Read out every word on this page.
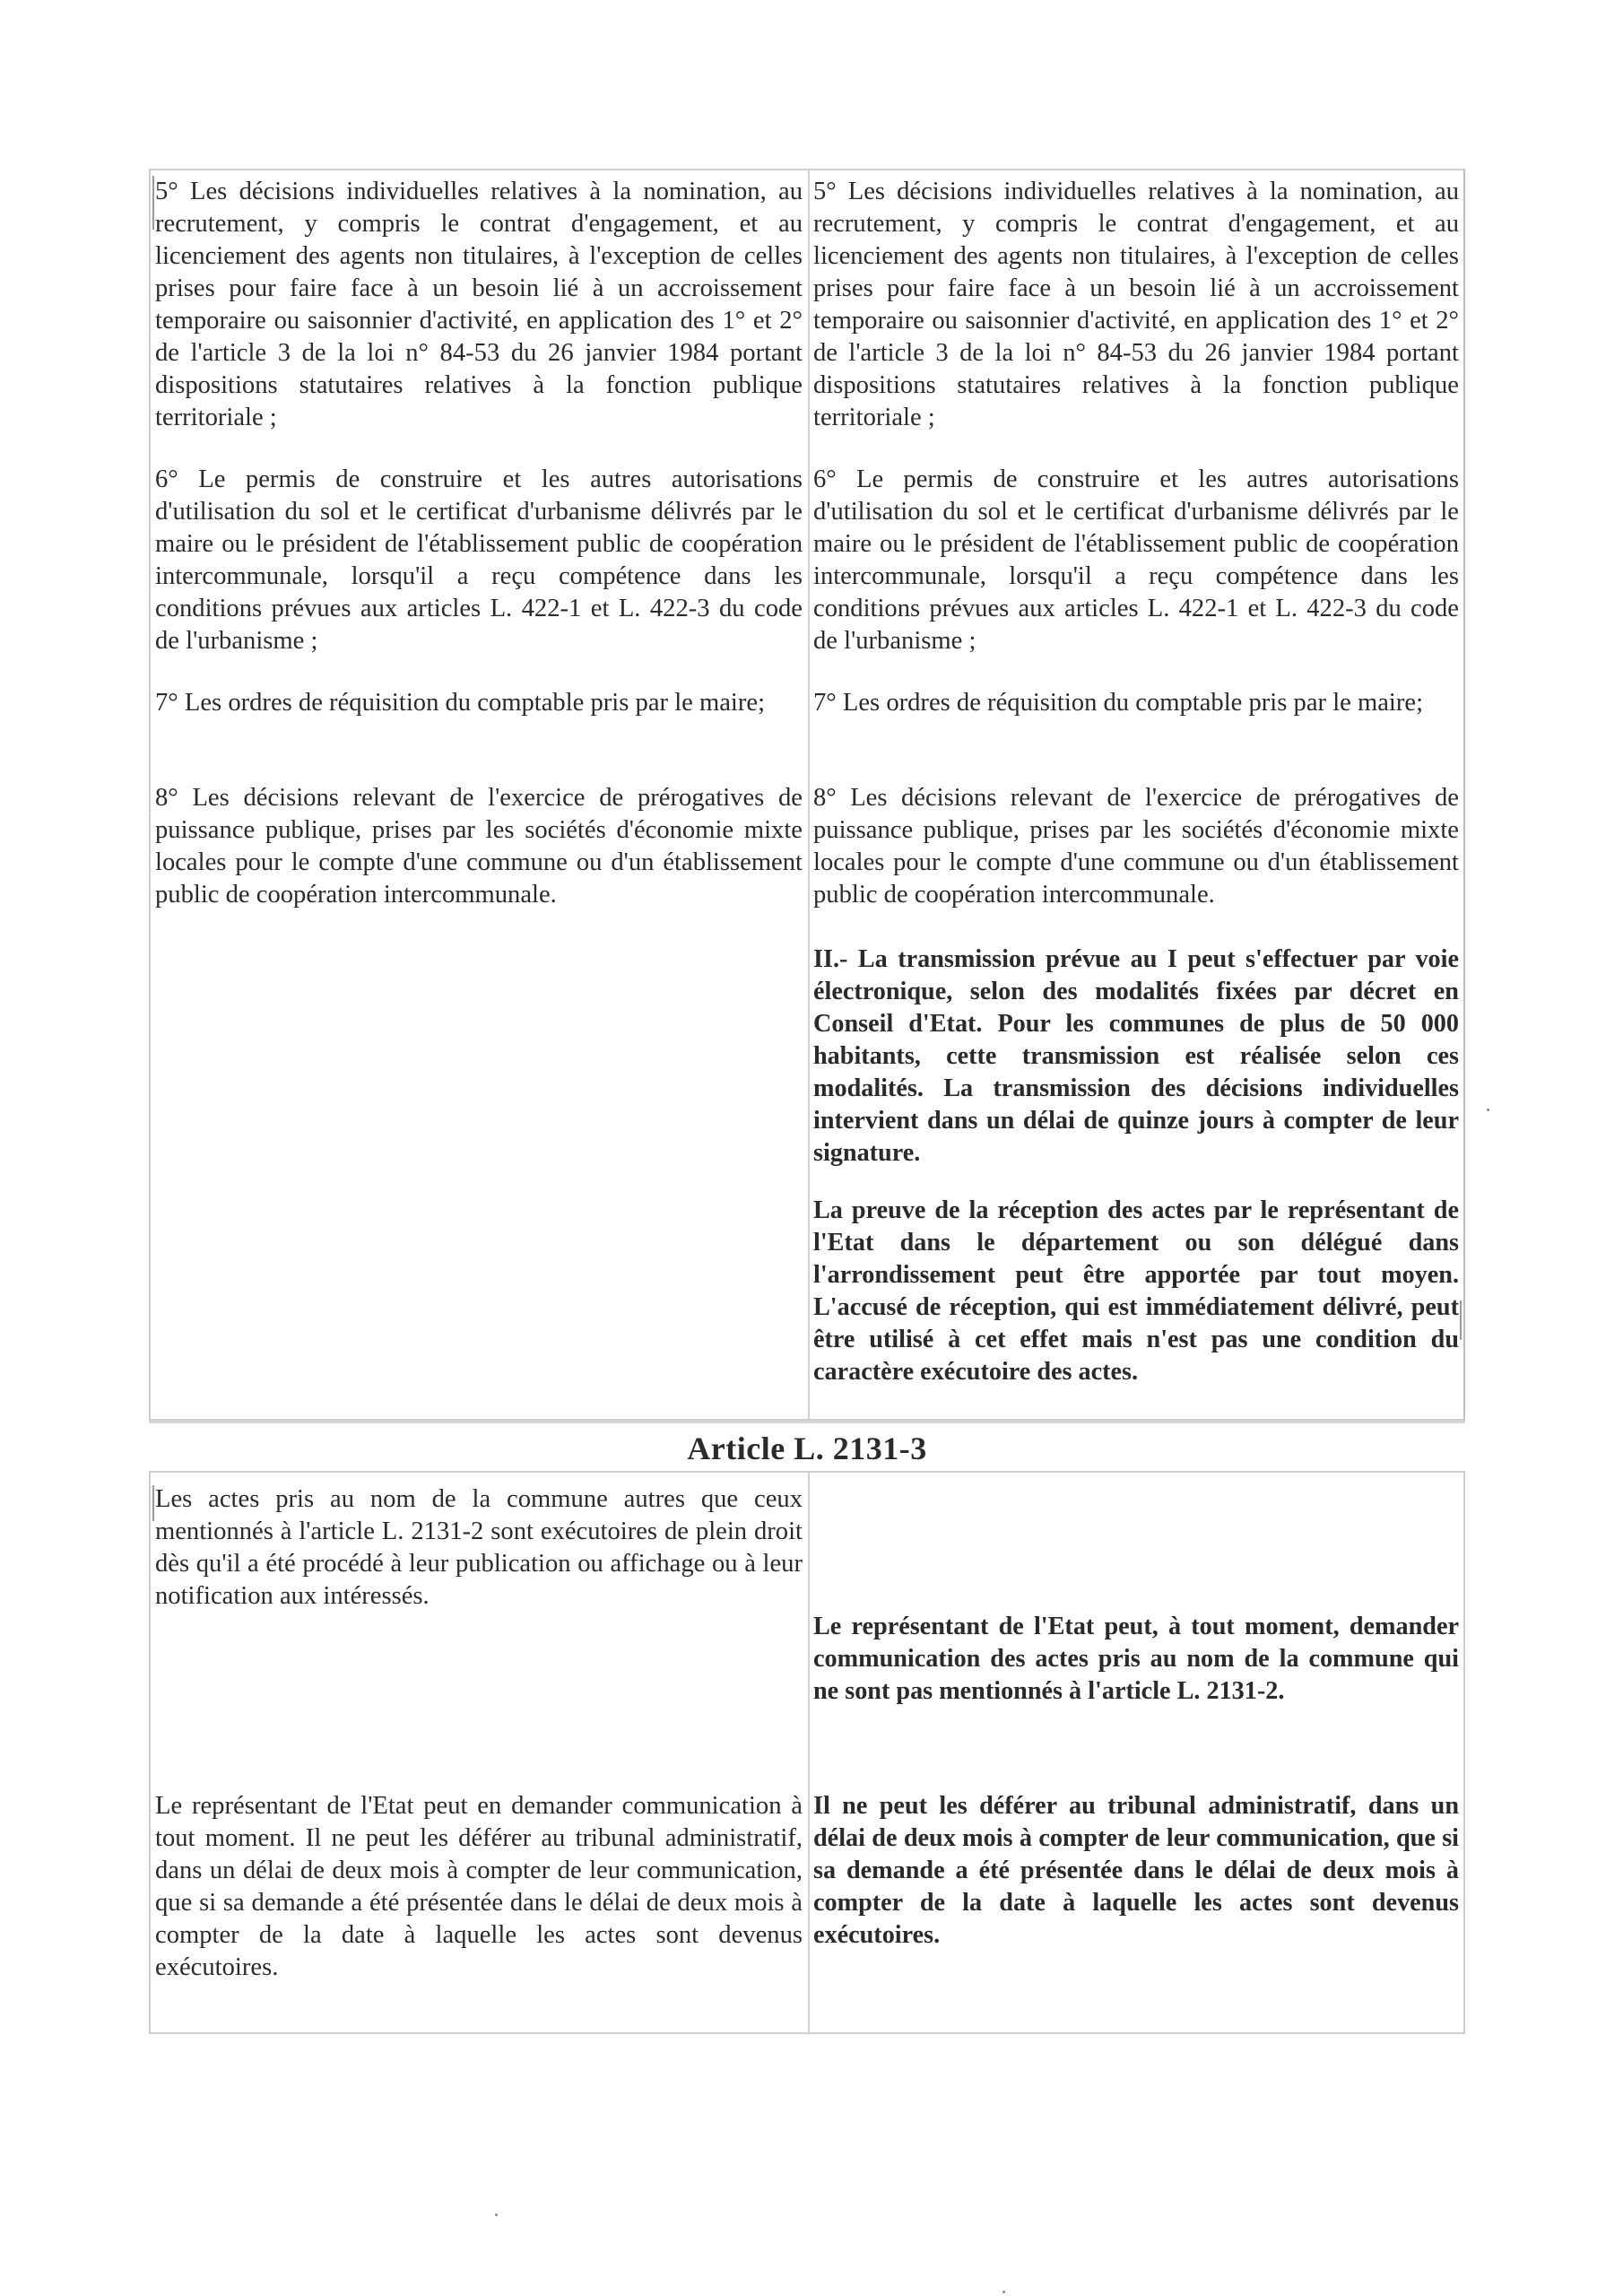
Article L. 2131-3

5° Les décisions individuelles relatives à la nomination, au recrutement, y compris le contrat d'engagement, et au licenciement des agents non titulaires, à l'exception de celles prises pour faire face à un besoin lié à un accroissement temporaire ou saisonnier d'activité, en application des 1° et 2° de l'article 3 de la loi n° 84-53 du 26 janvier 1984 portant dispositions statutaires relatives à la fonction publique territoriale ;

6° Le permis de construire et les autres autorisations d'utilisation du sol et le certificat d'urbanisme délivrés par le maire ou le président de l'établissement public de coopération intercommunale, lorsqu'il a reçu compétence dans les conditions prévues aux articles L. 422-1 et L. 422-3 du code de l'urbanisme ;

7° Les ordres de réquisition du comptable pris par le maire;

8° Les décisions relevant de l'exercice de prérogatives de puissance publique, prises par les sociétés d'économie mixte locales pour le compte d'une commune ou d'un établissement public de coopération intercommunale.

5° Les décisions individuelles relatives à la nomination, au recrutement, y compris le contrat d'engagement, et au licenciement des agents non titulaires, à l'exception de celles prises pour faire face à un besoin lié à un accroissement temporaire ou saisonnier d'activité, en application des 1° et 2° de l'article 3 de la loi n° 84-53 du 26 janvier 1984 portant dispositions statutaires relatives à la fonction publique territoriale ;

6° Le permis de construire et les autres autorisations d'utilisation du sol et le certificat d'urbanisme délivrés par le maire ou le président de l'établissement public de coopération intercommunale, lorsqu'il a reçu compétence dans les conditions prévues aux articles L. 422-1 et L. 422-3 du code de l'urbanisme ;

7° Les ordres de réquisition du comptable pris par le maire;

8° Les décisions relevant de l'exercice de prérogatives de puissance publique, prises par les sociétés d'économie mixte locales pour le compte d'une commune ou d'un établissement public de coopération intercommunale.

II.- La transmission prévue au I peut s'effectuer par voie électronique, selon des modalités fixées par décret en Conseil d'Etat. Pour les communes de plus de 50 000 habitants, cette transmission est réalisée selon ces modalités. La transmission des décisions individuelles intervient dans un délai de quinze jours à compter de leur signature.

La preuve de la réception des actes par le représentant de l'Etat dans le département ou son délégué dans l'arrondissement peut être apportée par tout moyen. L'accusé de réception, qui est immédiatement délivré, peut être utilisé à cet effet mais n'est pas une condition du caractère exécutoire des actes.

Les actes pris au nom de la commune autres que ceux mentionnés à l'article L. 2131-2 sont exécutoires de plein droit dès qu'il a été procédé à leur publication ou affichage ou à leur notification aux intéressés.

Le représentant de l'Etat peut en demander communication à tout moment. Il ne peut les déférer au tribunal administratif, dans un délai de deux mois à compter de leur communication, que si sa demande a été présentée dans le délai de deux mois à compter de la date à laquelle les actes sont devenus exécutoires.

Le représentant de l'Etat peut, à tout moment, demander communication des actes pris au nom de la commune qui ne sont pas mentionnés à l'article L. 2131-2.

Il ne peut les déférer au tribunal administratif, dans un délai de deux mois à compter de leur communication, que si sa demande a été présentée dans le délai de deux mois à compter de la date à laquelle les actes sont devenus exécutoires.
